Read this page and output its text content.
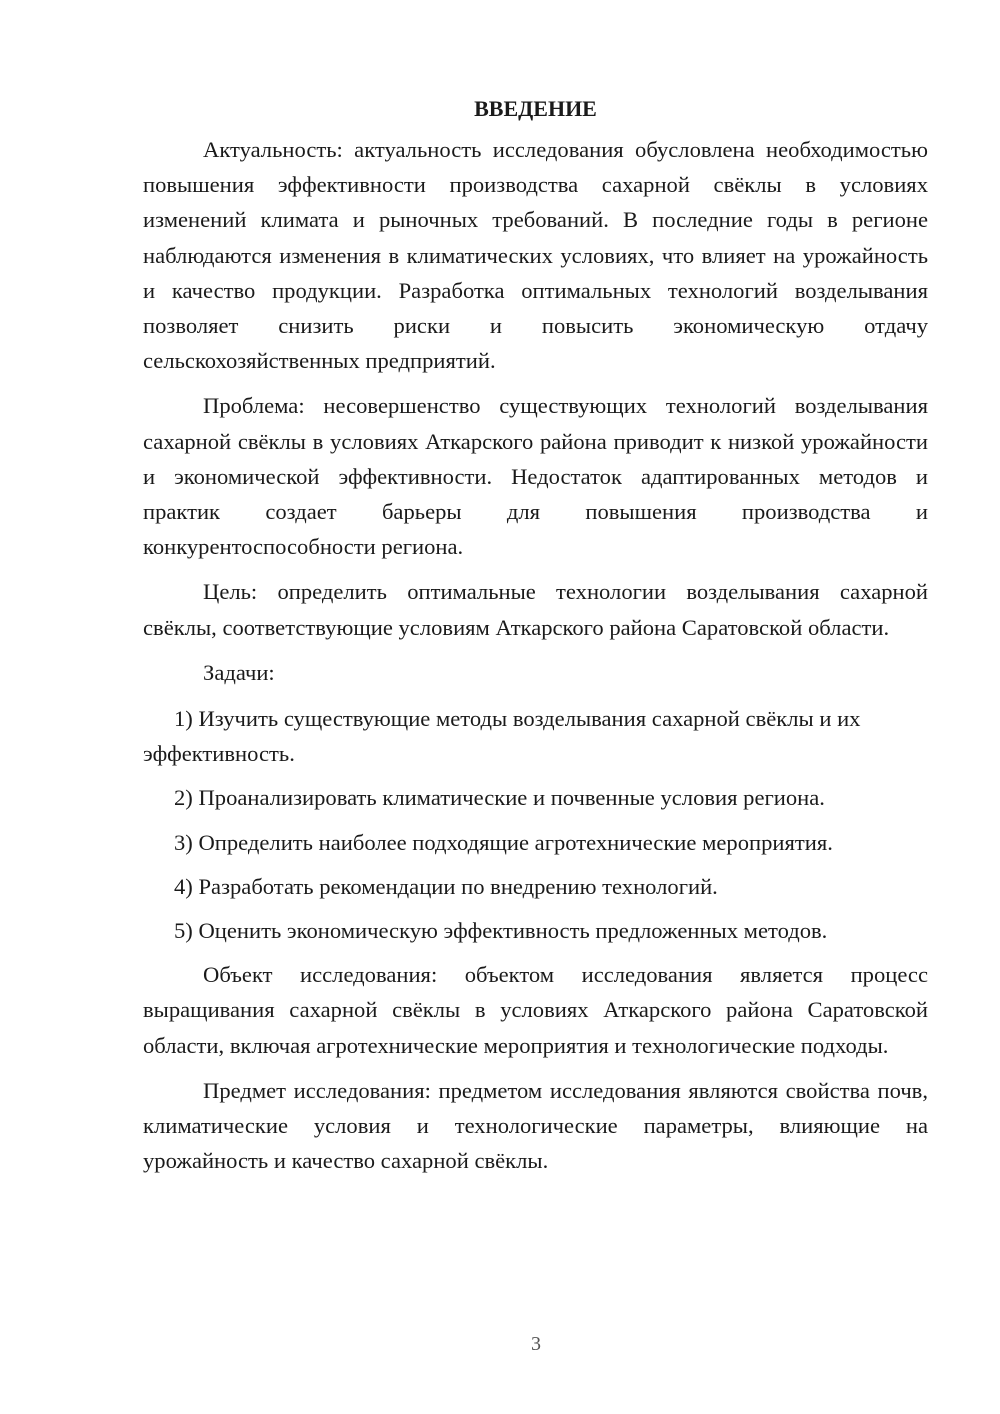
ВВЕДЕНИЕ

Актуальность: актуальность исследования обусловлена необходимостью повышения эффективности производства сахарной свёклы в условиях изменений климата и рыночных требований. В последние годы в регионе наблюдаются изменения в климатических условиях, что влияет на урожайность и качество продукции. Разработка оптимальных технологий возделывания позволяет снизить риски и повысить экономическую отдачу сельскохозяйственных предприятий.

Проблема: несовершенство существующих технологий возделывания сахарной свёклы в условиях Аткарского района приводит к низкой урожайности и экономической эффективности. Недостаток адаптированных методов и практик создает барьеры для повышения производства и конкурентоспособности региона.

Цель: определить оптимальные технологии возделывания сахарной свёклы, соответствующие условиям Аткарского района Саратовской области.

Задачи:

1) Изучить существующие методы возделывания сахарной свёклы и их эффективность.

2) Проанализировать климатические и почвенные условия региона.

3) Определить наиболее подходящие агротехнические мероприятия.

4) Разработать рекомендации по внедрению технологий.

5) Оценить экономическую эффективность предложенных методов.

Объект исследования: объектом исследования является процесс выращивания сахарной свёклы в условиях Аткарского района Саратовской области, включая агротехнические мероприятия и технологические подходы.

Предмет исследования: предметом исследования являются свойства почв, климатические условия и технологические параметры, влияющие на урожайность и качество сахарной свёклы.

3
